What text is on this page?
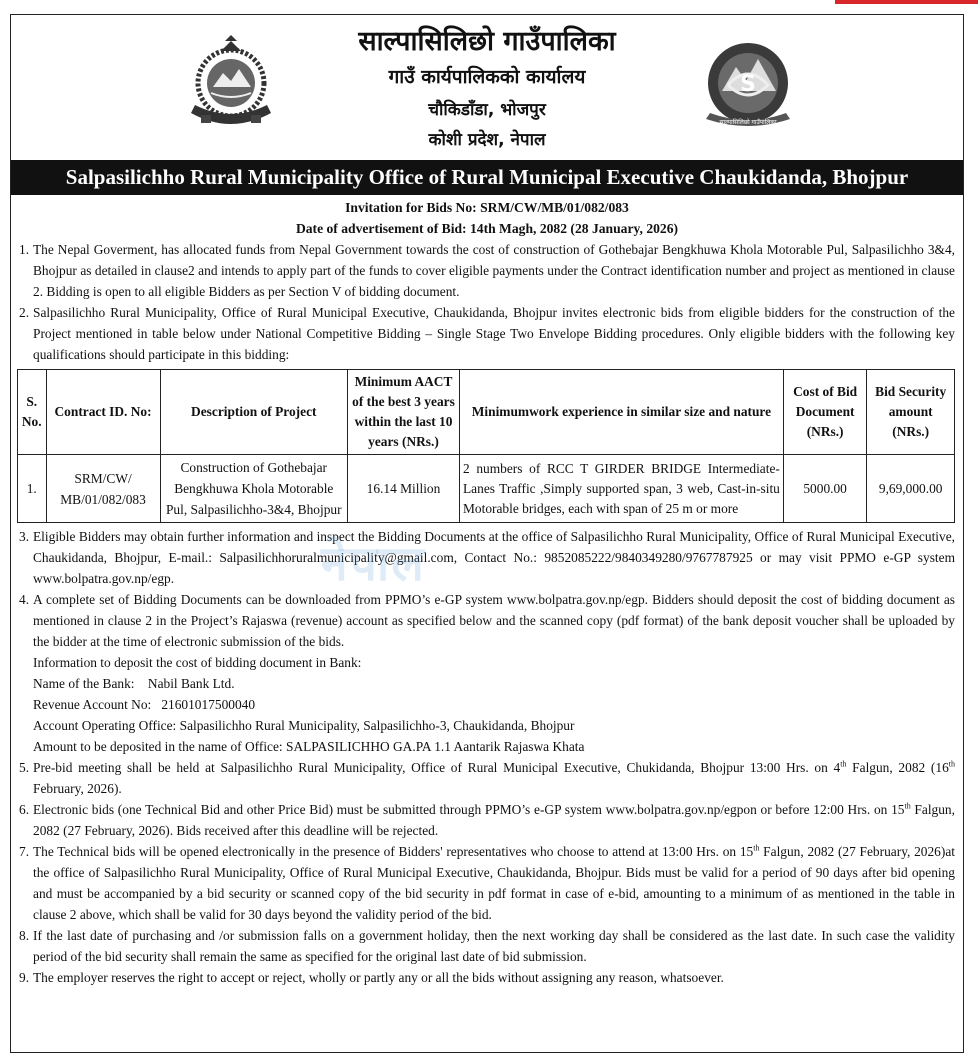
S
साल्पासिलिछो गाउँपालिका
साल्पासिलिछो गाउँपालिका
गाउँ कार्यपालिकको कार्यालय
चौकिडाँडा, भोजपुर
कोशी प्रदेश, नेपाल
Salpasilichho Rural Municipality Office of Rural Municipal Executive Chaukidanda, Bhojpur
Invitation for Bids No: SRM/CW/MB/01/082/083
Date of advertisement of Bid: 14th Magh, 2082 (28 January, 2026)
1. The Nepal Goverment, has allocated funds from Nepal Government towards the cost of construction of Gothebajar Bengkhuwa Khola Motorable Pul, Salpasilichho 3&4, Bhojpur as detailed in clause2 and intends to apply part of the funds to cover eligible payments under the Contract identification number and project as mentioned in clause 2. Bidding is open to all eligible Bidders as per Section V of bidding document.
2. Salpasilichho Rural Municipality, Office of Rural Municipal Executive, Chaukidanda, Bhojpur invites electronic bids from eligible bidders for the construction of the Project mentioned in table below under National Competitive Bidding – Single Stage Two Envelope Bidding procedures. Only eligible bidders with the following key qualifications should participate in this bidding:
S. No.	Contract ID. No:	Description of Project	Minimum AACT of the best 3 years within the last 10 years (NRs.)	Minimumwork experience in similar size and nature	Cost of Bid Document (NRs.)	Bid Security amount (NRs.)
1.	SRM/CW/ MB/01/082/083	Construction of Gothebajar Bengkhuwa Khola Motorable Pul, Salpasilichho-3&4, Bhojpur	16.14 Million	2 numbers of RCC T GIRDER BRIDGE Intermediate- Lanes Traffic ,Simply supported span, 3 web, Cast-in-situ Motorable bridges, each with span of 25 m or more	5000.00	9,69,000.00
3. Eligible Bidders may obtain further information and inspect the Bidding Documents at the office of Salpasilichho Rural Municipality, Office of Rural Municipal Executive, Chaukidanda, Bhojpur, E-mail.: Salpasilichhoruralmunicipality@gmail.com, Contact No.: 9852085222/9840349280/9767787925 or may visit PPMO e-GP system www.bolpatra.gov.np/egp.
4. A complete set of Bidding Documents can be downloaded from PPMO’s e-GP system www.bolpatra.gov.np/egp. Bidders should deposit the cost of bidding document as mentioned in clause 2 in the Project’s Rajaswa (revenue) account as specified below and the scanned copy (pdf format) of the bank deposit voucher shall be uploaded by the bidder at the time of electronic submission of the bids.
Information to deposit the cost of bidding document in Bank:
Name of the Bank: Nabil Bank Ltd.
Revenue Account No: 21601017500040
Account Operating Office: Salpasilichho Rural Municipality, Salpasilichho-3, Chaukidanda, Bhojpur
Amount to be deposited in the name of Office: SALPASILICHHO GA.PA 1.1 Aantarik Rajaswa Khata
5. Pre-bid meeting shall be held at Salpasilichho Rural Municipality, Office of Rural Municipal Executive, Chukidanda, Bhojpur 13:00 Hrs. on 4th Falgun, 2082 (16th February, 2026).
6. Electronic bids (one Technical Bid and other Price Bid) must be submitted through PPMO’s e-GP system www.bolpatra.gov.np/egpon or before 12:00 Hrs. on 15th Falgun, 2082 (27 February, 2026). Bids received after this deadline will be rejected.
7. The Technical bids will be opened electronically in the presence of Bidders' representatives who choose to attend at 13:00 Hrs. on 15th Falgun, 2082 (27 February, 2026)at the office of Salpasilichho Rural Municipality, Office of Rural Municipal Executive, Chaukidanda, Bhojpur. Bids must be valid for a period of 90 days after bid opening and must be accompanied by a bid security or scanned copy of the bid security in pdf format in case of e-bid, amounting to a minimum of as mentioned in the table in clause 2 above, which shall be valid for 30 days beyond the validity period of the bid.
8. If the last date of purchasing and /or submission falls on a government holiday, then the next working day shall be considered as the last date. In such case the validity period of the bid security shall remain the same as specified for the original last date of bid submission.
9. The employer reserves the right to accept or reject, wholly or partly any or all the bids without assigning any reason, whatsoever.
नेपाल
